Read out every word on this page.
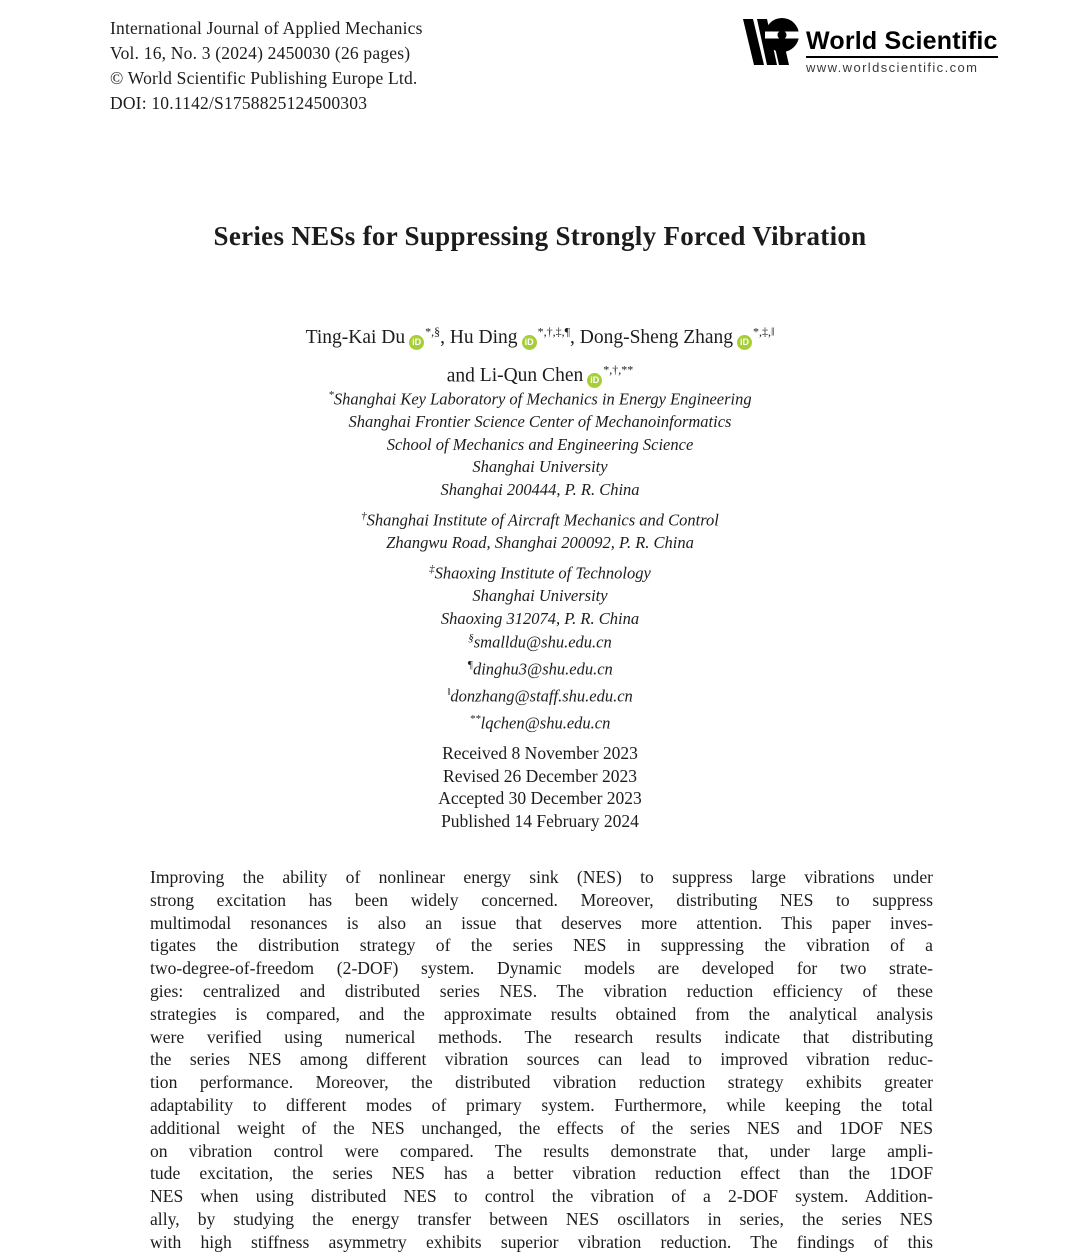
International Journal of Applied Mechanics
Vol. 16, No. 3 (2024) 2450030 (26 pages)
© World Scientific Publishing Europe Ltd.
DOI: 10.1142/S1758825124500303
World Scientific
www.worldscientific.com
Series NESs for Suppressing Strongly Forced Vibration
Ting-Kai DuiD *,§, Hu DingiD *,†,‡,¶, Dong-Sheng ZhangiD *,‡,‖
and Li-Qun CheniD *,†,**
*Shanghai Key Laboratory of Mechanics in Energy Engineering
Shanghai Frontier Science Center of Mechanoinformatics
School of Mechanics and Engineering Science
Shanghai University
Shanghai 200444, P. R. China
†Shanghai Institute of Aircraft Mechanics and Control
Zhangwu Road, Shanghai 200092, P. R. China
‡Shaoxing Institute of Technology
Shanghai University
Shaoxing 312074, P. R. China
§smalldu@shu.edu.cn
¶dinghu3@shu.edu.cn
‖donzhang@staff.shu.edu.cn
**lqchen@shu.edu.cn
Received 8 November 2023
Revised 26 December 2023
Accepted 30 December 2023
Published 14 February 2024
Improving the ability of nonlinear energy sink (NES) to suppress large vibrations under
strong excitation has been widely concerned. Moreover, distributing NES to suppress
multimodal resonances is also an issue that deserves more attention. This paper inves-
tigates the distribution strategy of the series NES in suppressing the vibration of a
two-degree-of-freedom (2-DOF) system. Dynamic models are developed for two strate-
gies: centralized and distributed series NES. The vibration reduction efficiency of these
strategies is compared, and the approximate results obtained from the analytical analysis
were verified using numerical methods. The research results indicate that distributing
the series NES among different vibration sources can lead to improved vibration reduc-
tion performance. Moreover, the distributed vibration reduction strategy exhibits greater
adaptability to different modes of primary system. Furthermore, while keeping the total
additional weight of the NES unchanged, the effects of the series NES and 1DOF NES
on vibration control were compared. The results demonstrate that, under large ampli-
tude excitation, the series NES has a better vibration reduction effect than the 1DOF
NES when using distributed NES to control the vibration of a 2-DOF system. Addition-
ally, by studying the energy transfer between NES oscillators in series, the series NES
with high stiffness asymmetry exhibits superior vibration reduction. The findings of this
